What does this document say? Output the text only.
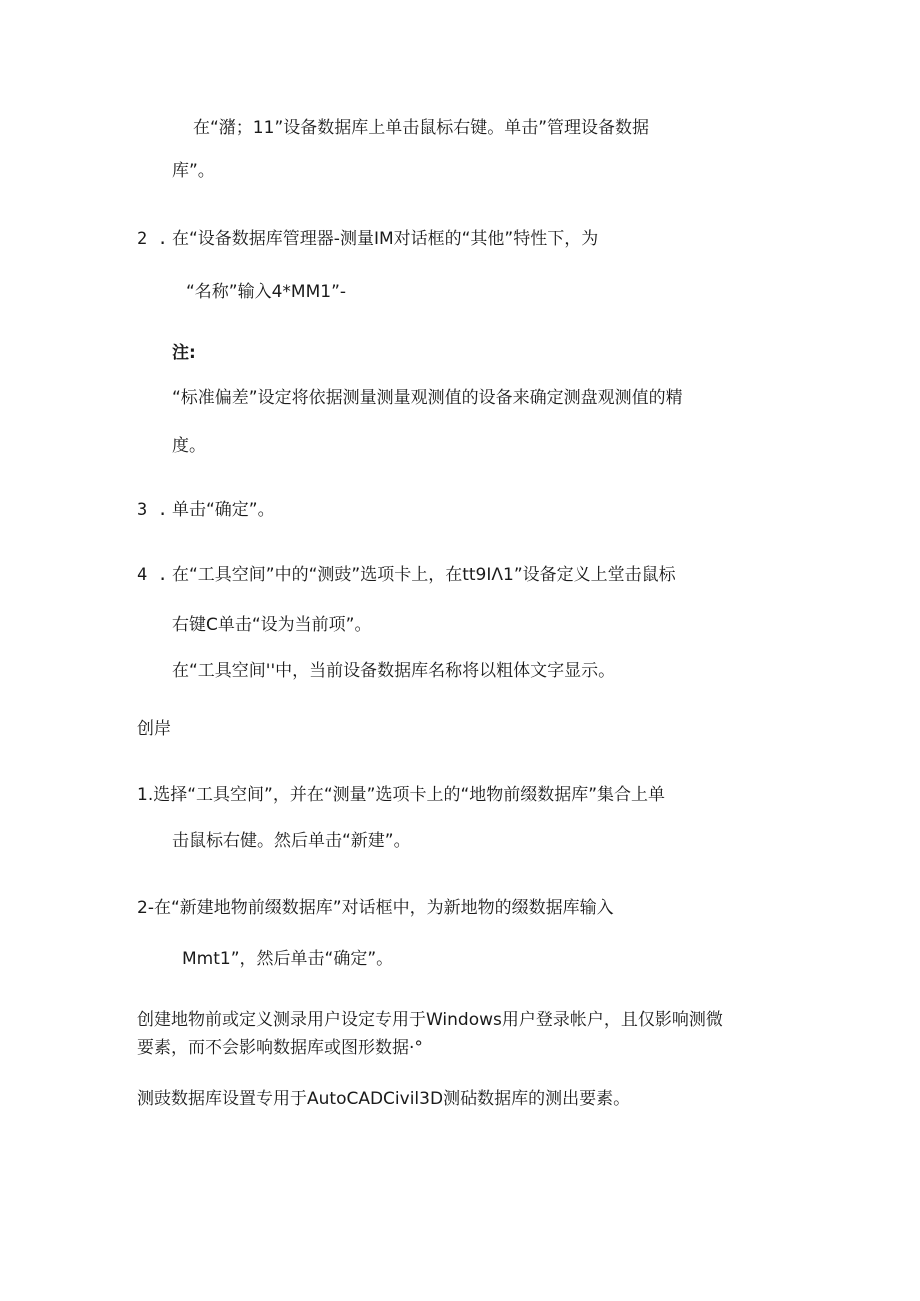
在“潴；11”设备数据库上单击鼠标右键。单击”管理设备数据

库”。

2 . 在“设备数据库管理器-测量IM对话框的“其他”特性下，为

“名称”输入4*MM1”-

注:

“标准偏差”设定将依据测量测量观测值的设备来确定测盘观测值的精

度。

3 . 单击“确定”。

4 . 在“工具空间”中的“测豉”选项卡上，在tt9IΛ1”设备定义上堂击鼠标

右键C单击“设为当前项”。

在“工具空间''中，当前设备数据库名称将以粗体文字显示。

创岸

1.选择“工具空间”，并在“测量”选项卡上的“地物前缀数据库”集合上单

击鼠标右健。然后单击“新建”。

2-在“新建地物前缀数据库”对话框中，为新地物的缀数据库输入

Mmt1”，然后单击“确定”。

创建地物前或定义测录用户设定专用于Windows用户登录帐户，且仅影响测微

要素，而不会影响数据库或图形数据·°

测豉数据库设置专用于AutoCADCivil3D测砧数据库的测出要素。
